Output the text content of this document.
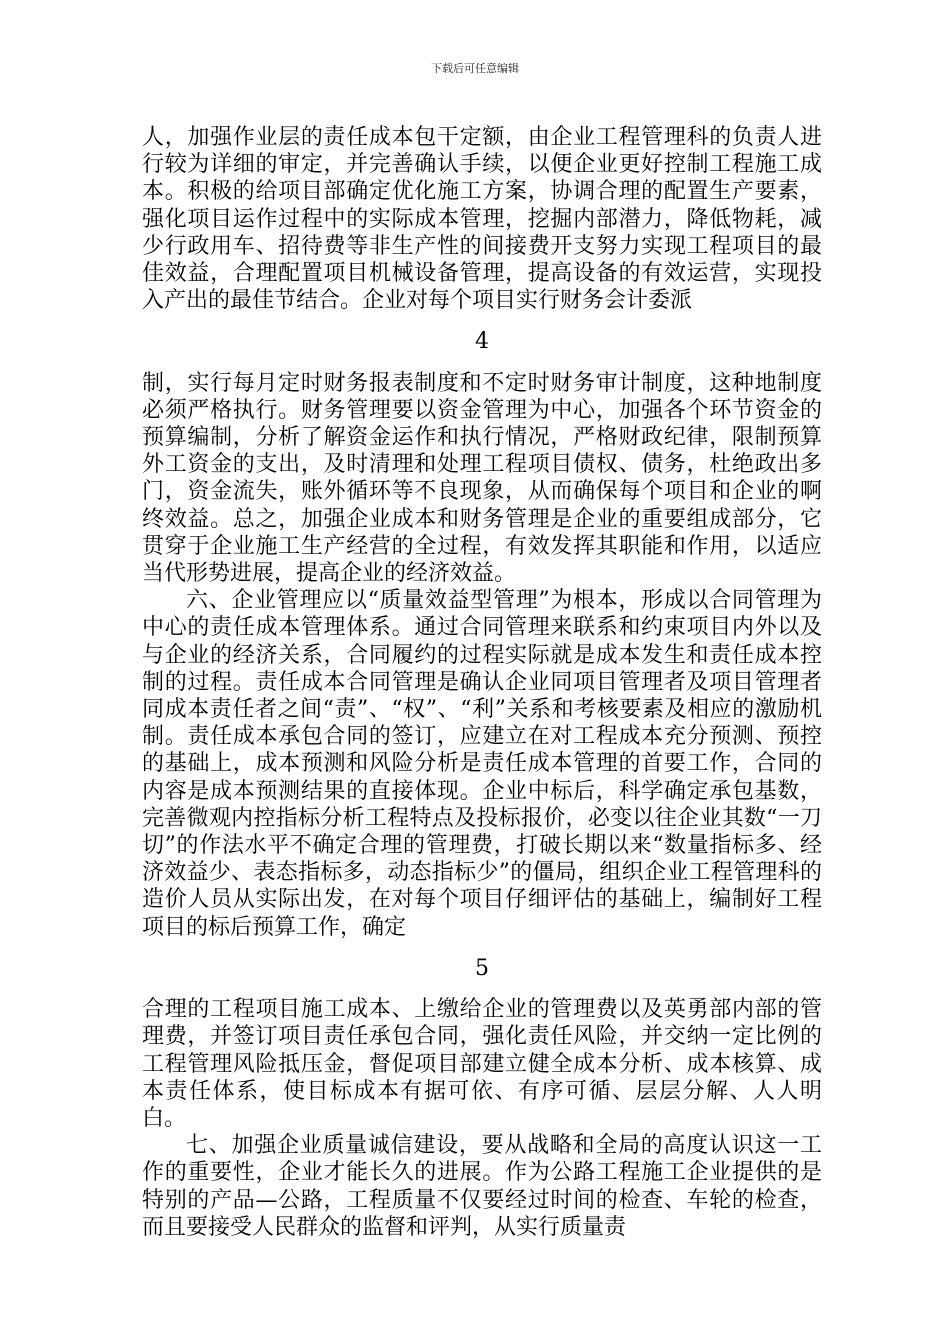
下载后可任意编辑

人，加强作业层的责任成本包干定额，由企业工程管理科的负责人进行较为详细的审定，并完善确认手续，以便企业更好控制工程施工成本。积极的给项目部确定优化施工方案，协调合理的配置生产要素，强化项目运作过程中的实际成本管理，挖掘内部潜力，降低物耗，减少行政用车、招待费等非生产性的间接费开支努力实现工程项目的最佳效益，合理配置项目机械设备管理，提高设备的有效运营，实现投入产出的最佳节结合。企业对每个项目实行财务会计委派

4

制，实行每月定时财务报表制度和不定时财务审计制度，这种地制度必须严格执行。财务管理要以资金管理为中心，加强各个环节资金的预算编制，分析了解资金运作和执行情况，严格财政纪律，限制预算外工资金的支出，及时清理和处理工程项目债权、债务，杜绝政出多门，资金流失，账外循环等不良现象，从而确保每个项目和企业的啊终效益。总之，加强企业成本和财务管理是企业的重要组成部分，它贯穿于企业施工生产经营的全过程，有效发挥其职能和作用，以适应当代形势进展，提高企业的经济效益。

六、企业管理应以“质量效益型管理”为根本，形成以合同管理为中心的责任成本管理体系。通过合同管理来联系和约束项目内外以及与企业的经济关系，合同履约的过程实际就是成本发生和责任成本控制的过程。责任成本合同管理是确认企业同项目管理者及项目管理者同成本责任者之间“责”、“权”、“利”关系和考核要素及相应的激励机制。责任成本承包合同的签订，应建立在对工程成本充分预测、预控的基础上，成本预测和风险分析是责任成本管理的首要工作，合同的内容是成本预测结果的直接体现。企业中标后，科学确定承包基数，完善微观内控指标分析工程特点及投标报价，必变以往企业其数“一刀切”的作法水平不确定合理的管理费，打破长期以来“数量指标多、经济效益少、表态指标多，动态指标少”的僵局，组织企业工程管理科的造价人员从实际出发，在对每个项目仔细评估的基础上，编制好工程项目的标后预算工作，确定

5

合理的工程项目施工成本、上缴给企业的管理费以及英勇部内部的管理费，并签订项目责任承包合同，强化责任风险，并交纳一定比例的工程管理风险抵压金，督促项目部建立健全成本分析、成本核算、成本责任体系，使目标成本有据可依、有序可循、层层分解、人人明白。

七、加强企业质量诚信建设，要从战略和全局的高度认识这一工作的重要性，企业才能长久的进展。作为公路工程施工企业提供的是特别的产品—公路，工程质量不仅要经过时间的检查、车轮的检查，而且要接受人民群众的监督和评判，从实行质量责
